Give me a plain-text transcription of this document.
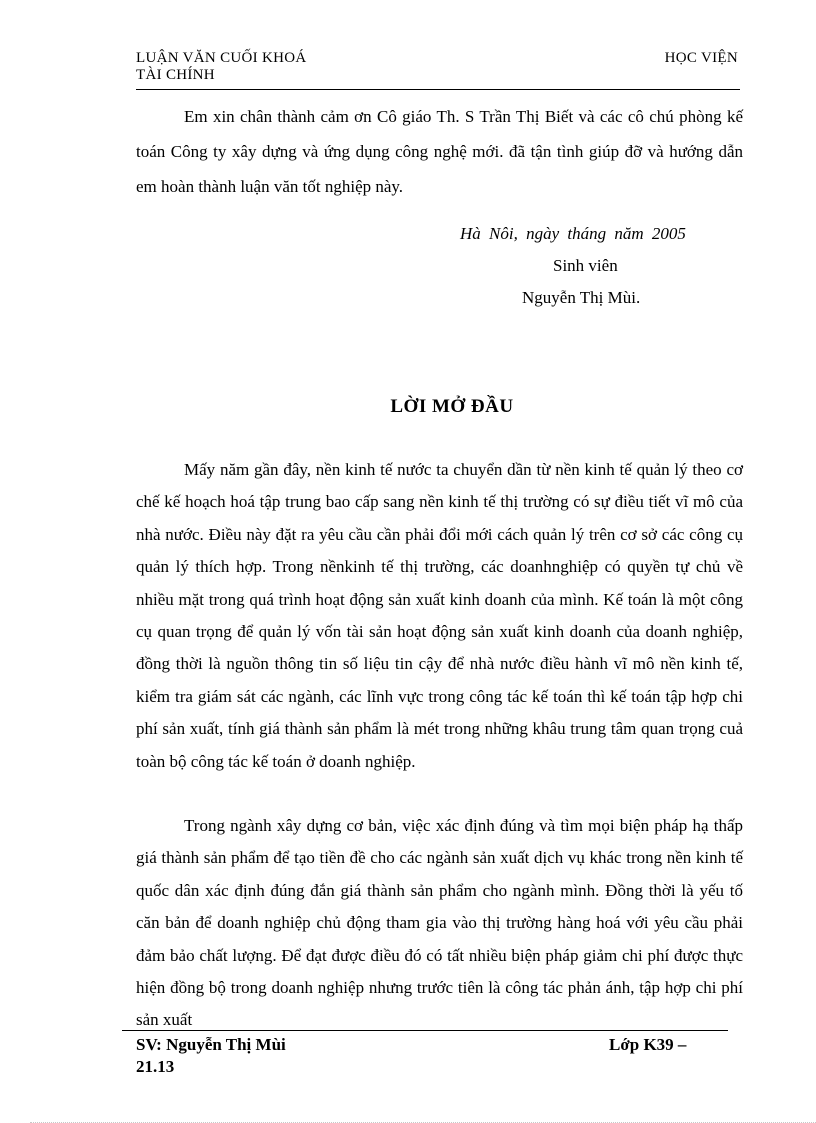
LUẬN VĂN CUỐI KHOÁ
TÀI CHÍNH
HỌC VIỆN

Em xin chân thành cảm ơn Cô giáo Th. S Trần Thị Biết và các cô chú phòng kế toán Công ty xây dựng và ứng dụng công nghệ mới. đã tận tình giúp đỡ và hướng dẫn em hoàn thành luận văn tốt nghiệp này.

Hà Nôi, ngày tháng năm 2005
Sinh viên
Nguyễn Thị Mùi.
LỜI MỞ ĐẦU

Mấy năm gần đây, nền kinh tế nước ta chuyển dần từ nền kinh tế quản lý theo cơ chế kế hoạch hoá tập trung bao cấp sang nền kinh tế thị trường có sự điều tiết vĩ mô của nhà nước. Điều này đặt ra yêu cầu cần phải đổi mới cách quản lý trên cơ sở các công cụ quản lý thích hợp. Trong nềnkinh tế thị trường, các doanhnghiệp có quyền tự chủ về nhiều mặt trong quá trình hoạt động sản xuất kinh doanh của mình. Kế toán là một công cụ quan trọng để quản lý vốn tài sản hoạt động sản xuất kinh doanh của doanh nghiệp, đồng thời là nguồn thông tin số liệu tin cậy để nhà nước điều hành vĩ mô nền kinh tế, kiểm tra giám sát các ngành, các lĩnh vực trong công tác kế toán thì kế toán tập hợp chi phí sản xuất, tính giá thành sản phẩm là mét trong những khâu trung tâm quan trọng cuả toàn bộ công tác kế toán ở doanh nghiệp.

Trong ngành xây dựng cơ bản, việc xác định đúng và tìm mọi biện pháp hạ thấp giá thành sản phẩm để tạo tiền đề cho các ngành sản xuất dịch vụ khác trong nền kinh tế quốc dân xác định đúng đắn giá thành sản phẩm cho ngành mình. Đồng thời là yếu tố căn bản để doanh nghiệp chủ động tham gia vào thị trường hàng hoá với yêu cầu phải đảm bảo chất lượng. Để đạt được điều đó có tất nhiều biện pháp giảm chi phí được thực hiện đồng bộ trong doanh nghiệp nhưng trước tiên là công tác phản ánh, tập hợp chi phí sản xuất

SV: Nguyễn Thị Mùi	Lớp K39 –
21.13
